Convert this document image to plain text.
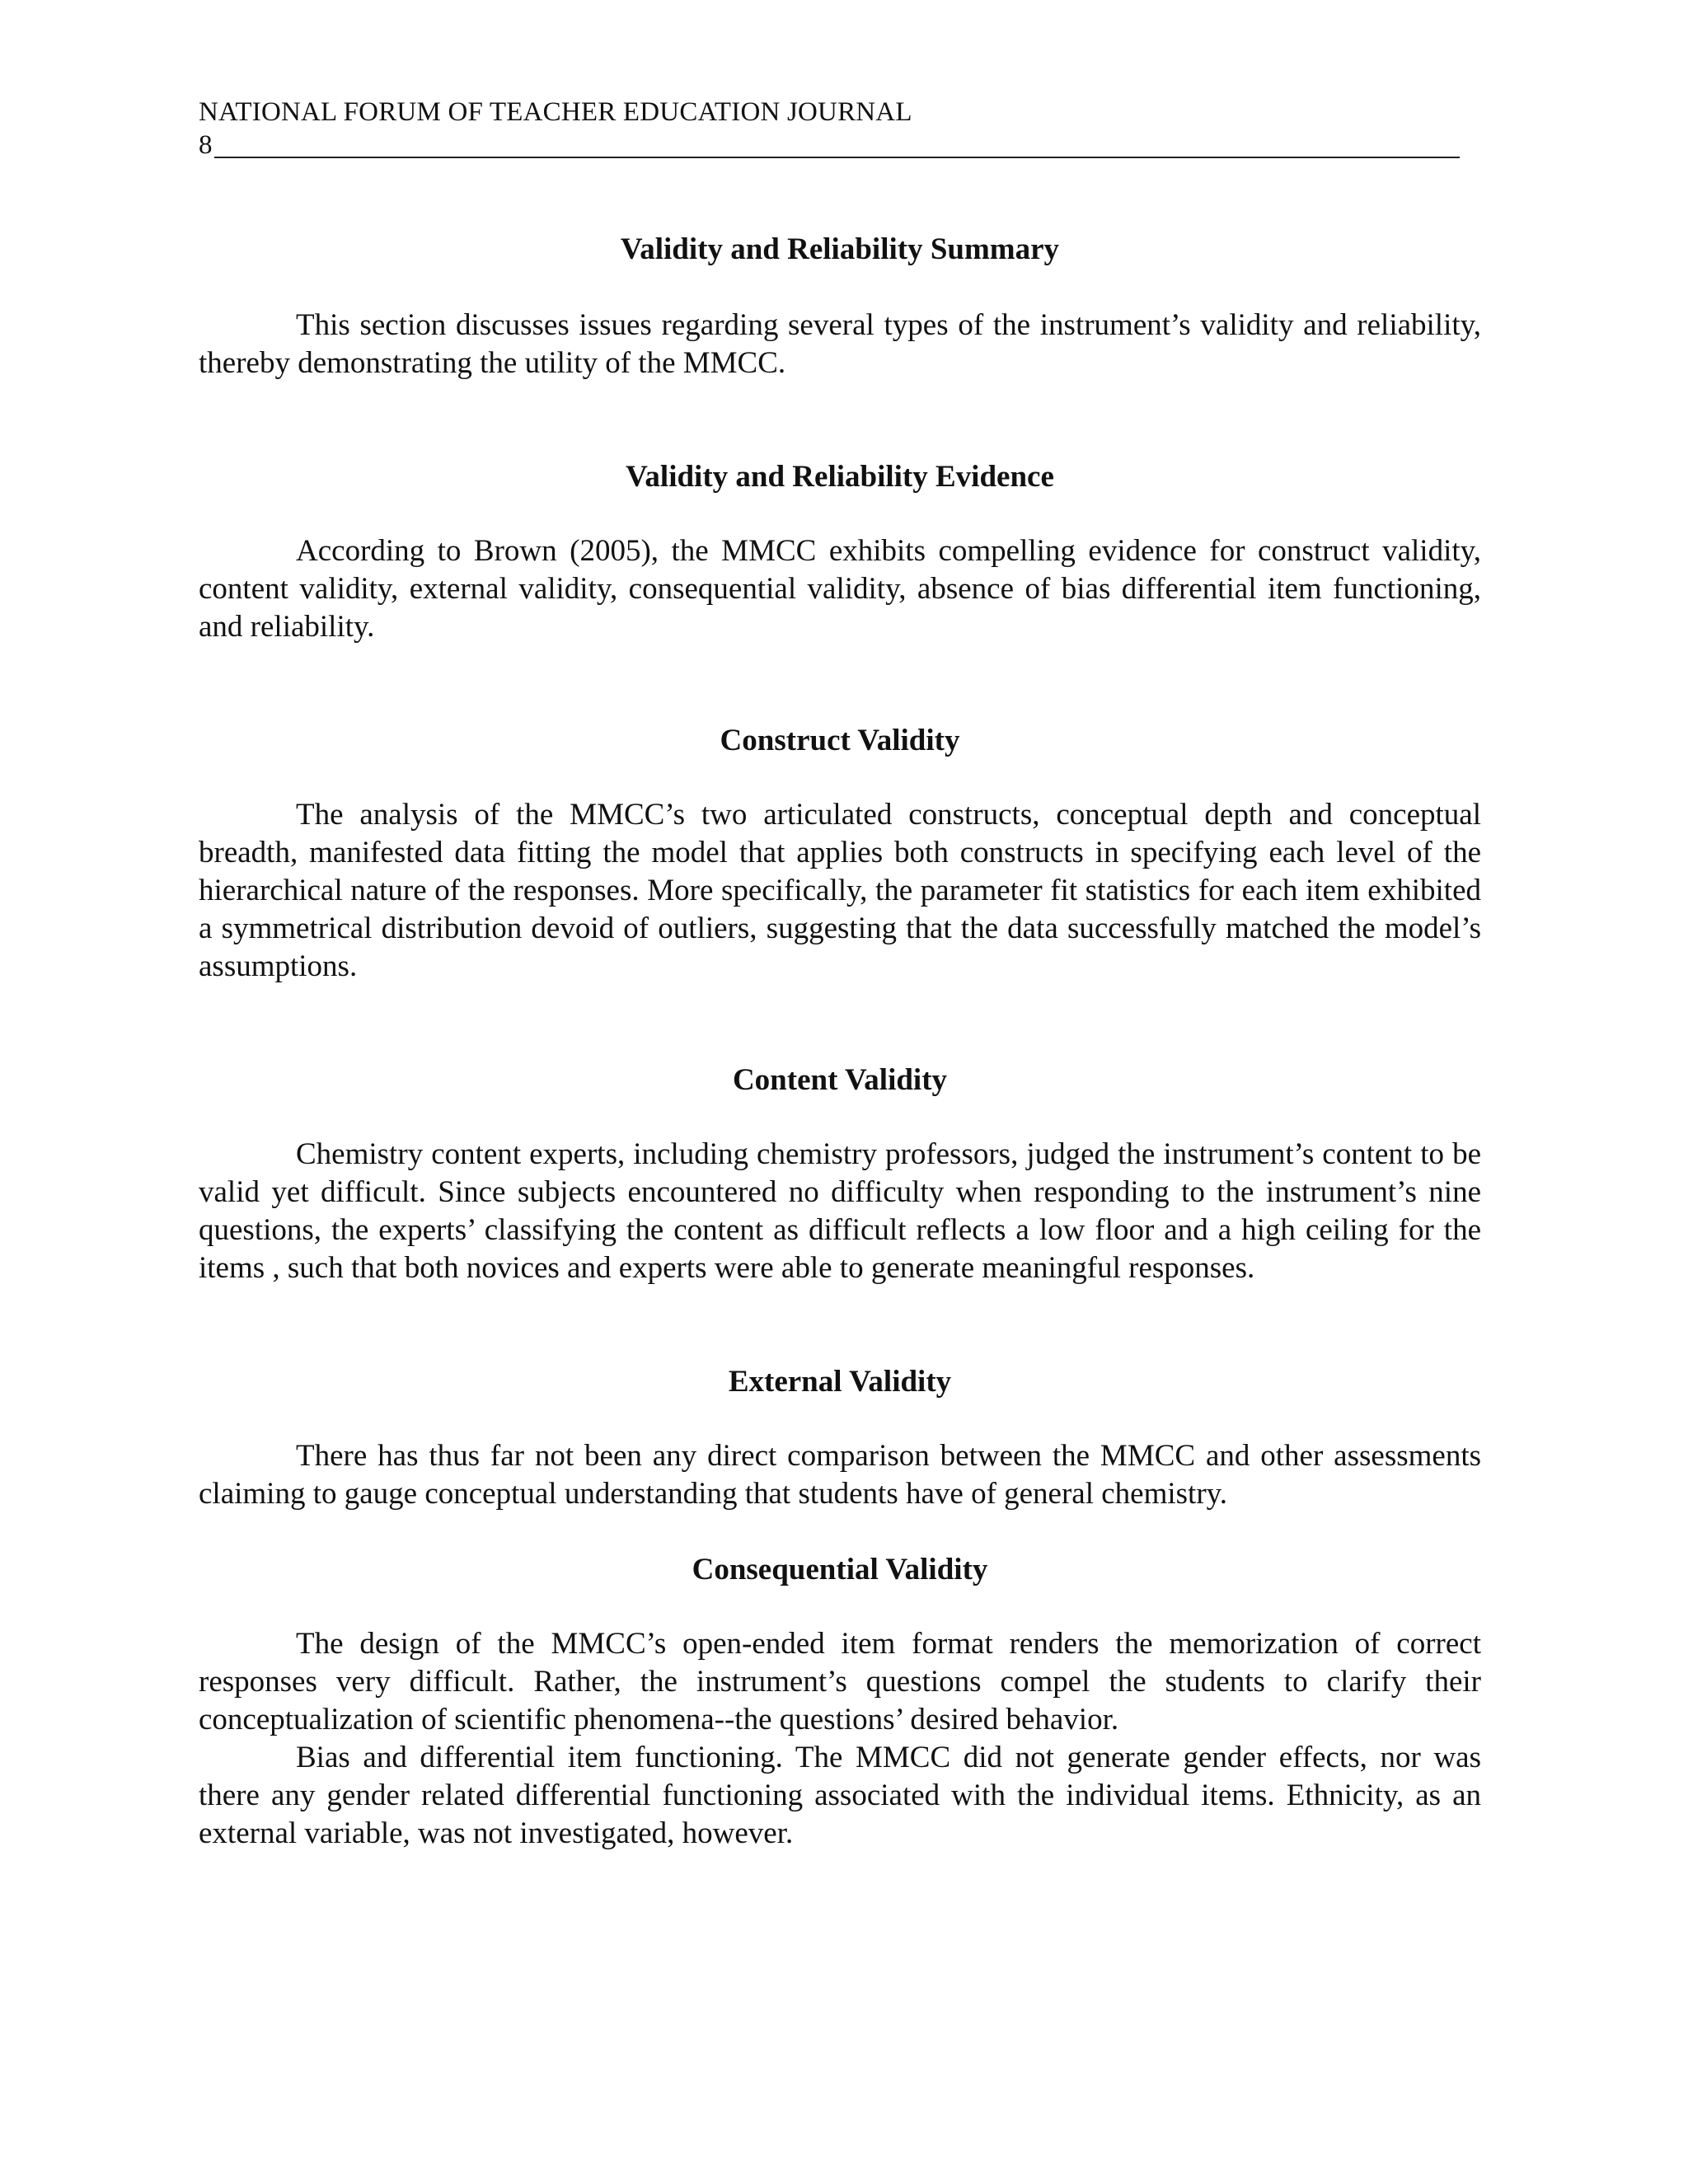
NATIONAL FORUM OF TEACHER EDUCATION JOURNAL
8
Validity and Reliability Summary

This section discusses issues regarding several types of the instrument’s validity and reliability, thereby demonstrating the utility of the MMCC.

Validity and Reliability Evidence

According to Brown (2005), the MMCC exhibits compelling evidence for construct validity, content validity, external validity, consequential validity, absence of bias differential item functioning, and reliability.

Construct Validity

The analysis of the MMCC’s two articulated constructs, conceptual depth and conceptual breadth, manifested data fitting the model that applies both constructs in specifying each level of the hierarchical nature of the responses. More specifically, the parameter fit statistics for each item exhibited a symmetrical distribution devoid of outliers, suggesting that the data successfully matched the model’s assumptions.

Content Validity

Chemistry content experts, including chemistry professors, judged the instrument’s content to be valid yet difficult. Since subjects encountered no difficulty when responding to the instrument’s nine questions, the experts’ classifying the content as difficult reflects a low floor and a high ceiling for the items , such that both novices and experts were able to generate meaningful responses.

External Validity

There has thus far not been any direct comparison between the MMCC and other assessments claiming to gauge conceptual understanding that students have of general chemistry.

Consequential Validity

The design of the MMCC’s open-ended item format renders the memorization of correct responses very difficult. Rather, the instrument’s questions compel the students to clarify their conceptualization of scientific phenomena--the questions’ desired behavior.

Bias and differential item functioning. The MMCC did not generate gender effects, nor was there any gender related differential functioning associated with the individual items. Ethnicity, as an external variable, was not investigated, however.
